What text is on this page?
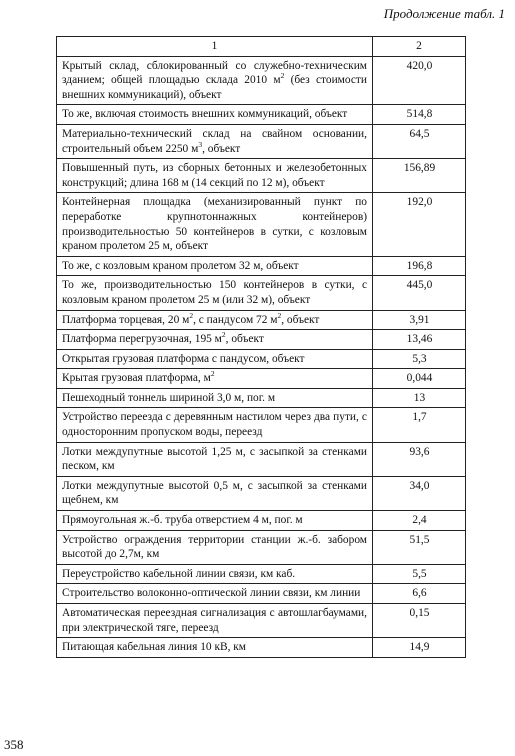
Продолжение табл. 1
1	2
Крытый склад, сблокированный со служебно-техническим зданием; общей площадью склада 2010 $м^2$ (без стоимости внешних коммуникаций), объект	420,0
То же, включая стоимость внешних коммуникаций, объект	514,8
Материально-технический склад на свайном основании, строительный объем 2250 $м^3$, объект	64,5
Повышенный путь, из сборных бетонных и железобетонных конструкций; длина 168 м (14 секций по 12 м), объект	156,89
Контейнерная площадка (механизированный пункт по переработке крупнотоннажных контейнеров) производительностью 50 контейнеров в сутки, с козловым краном пролетом 25 м, объект	192,0
То же, с козловым краном пролетом 32 м, объект	196,8
То же, производительностью 150 контейнеров в сутки, с козловым краном пролетом 25 м (или 32 м), объект	445,0
Платформа торцевая, 20 $м^2$, с пандусом 72 $м^2$, объект	3,91
Платформа перегрузочная, 195 $м^2$, объект	13,46
Открытая грузовая платформа с пандусом, объект	5,3
Крытая грузовая платформа, $м^2$	0,044
Пешеходный тоннель шириной 3,0 м, пог. м	13
Устройство переезда с деревянным настилом через два пути, с односторонним пропуском воды, переезд	1,7
Лотки междупутные высотой 1,25 м, с засыпкой за стенками песком, км	93,6
Лотки междупутные высотой 0,5 м, с засыпкой за стенками щебнем, км	34,0
Прямоугольная ж.-б. труба отверстием 4 м, пог. м	2,4
Устройство ограждения территории станции ж.-б. забором высотой до 2,7м, км	51,5
Переустройство кабельной линии связи, км каб.	5,5
Строительство волоконно-оптической линии связи, км линии	6,6
Автоматическая переездная сигнализация с автошлагбаумами, при электрической тяге, переезд	0,15
Питающая кабельная линия 10 кВ, км	14,9
358
